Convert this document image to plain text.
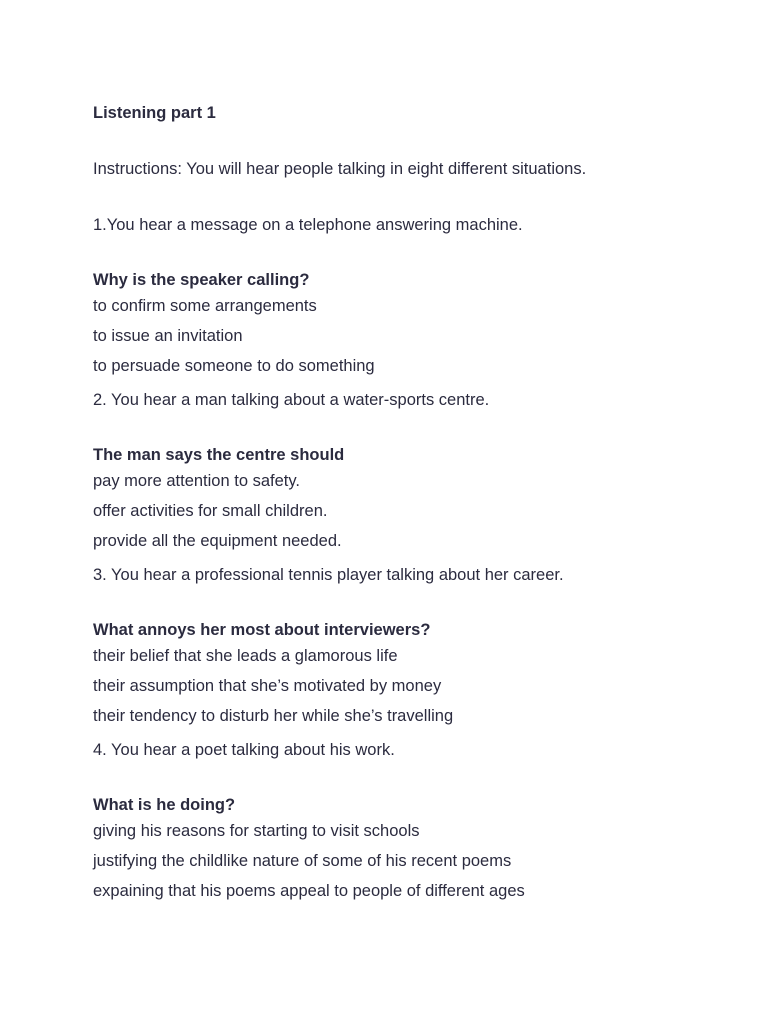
Listening part 1
Instructions: You will hear people talking in eight different situations.
1.You hear a message on a telephone answering machine.
Why is the speaker calling?
to confirm some arrangements
to issue an invitation
to persuade someone to do something
2. You hear a man talking about a water-sports centre.
The man says the centre should
pay more attention to safety.
offer activities for small children.
provide all the equipment needed.
3. You hear a professional tennis player talking about her career.
What annoys her most about interviewers?
their belief that she leads a glamorous life
their assumption that she’s motivated by money
their tendency to disturb her while she’s travelling
4. You hear a poet talking about his work.
What is he doing?
giving his reasons for starting to visit schools
justifying the childlike nature of some of his recent poems
expaining that his poems appeal to people of different ages
